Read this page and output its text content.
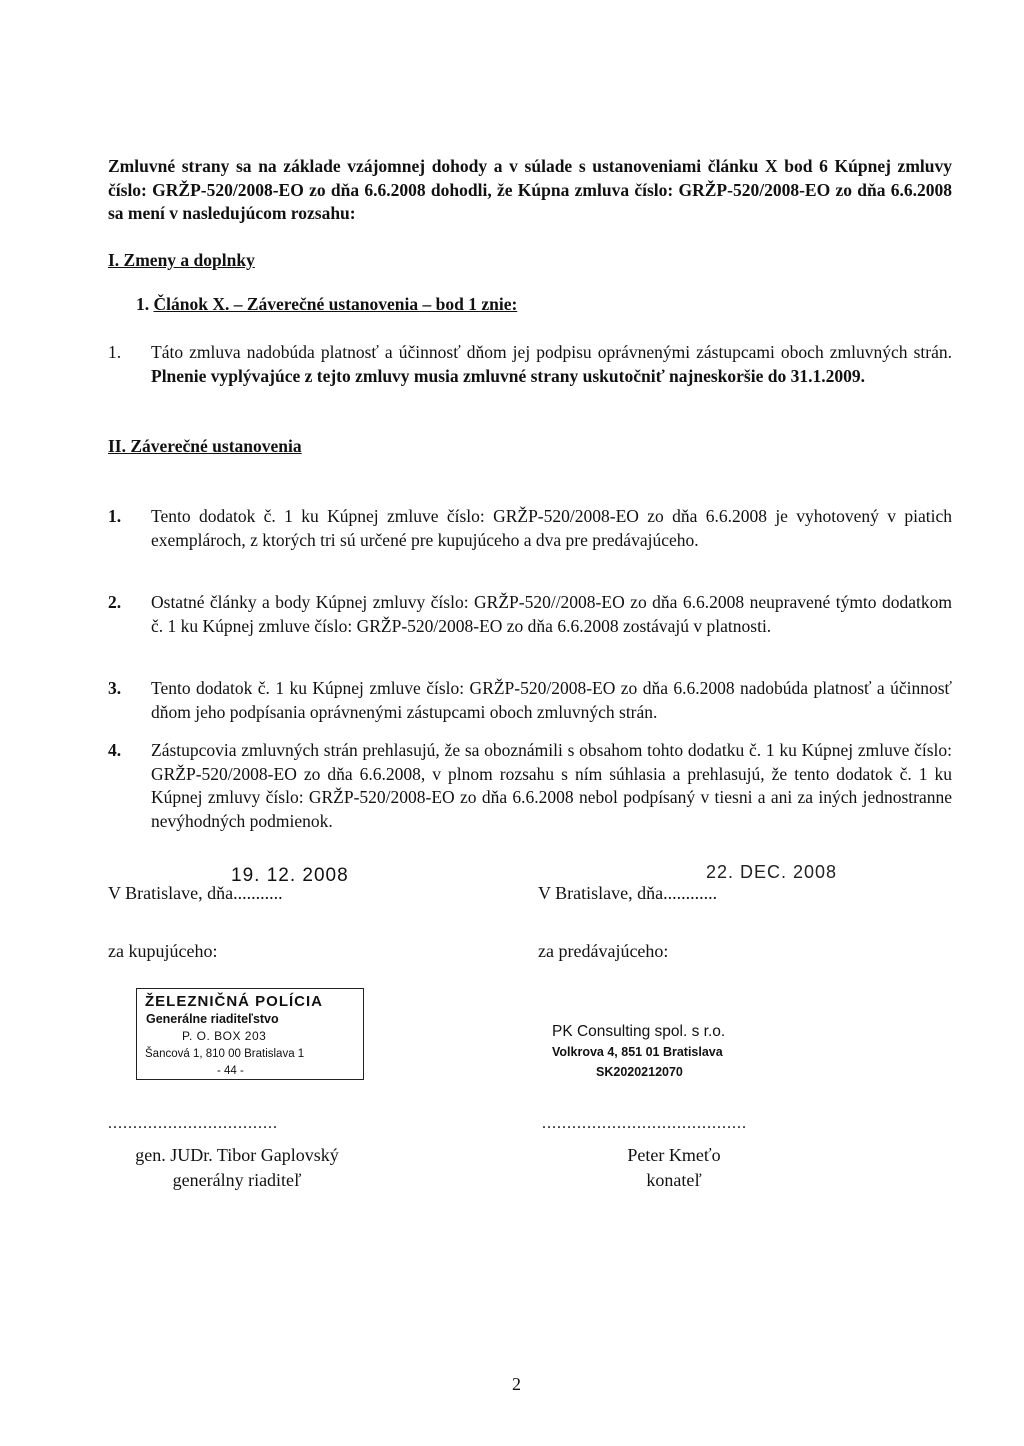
Zmluvné strany sa na základe vzájomnej dohody a v súlade s ustanoveniami článku X bod 6 Kúpnej zmluvy číslo: GRŽP-520/2008-EO zo dňa 6.6.2008 dohodli, že Kúpna zmluva číslo: GRŽP-520/2008-EO zo dňa 6.6.2008 sa mení v nasledujúcom rozsahu:
I. Zmeny a doplnky
1. Článok X. – Záverečné ustanovenia – bod 1 znie:
1. Táto zmluva nadobúda platnosť a účinnosť dňom jej podpisu oprávnenými zástupcami oboch zmluvných strán. Plnenie vyplývajúce z tejto zmluvy musia zmluvné strany uskutočniť najneskoršie do 31.1.2009.
II. Záverečné ustanovenia
1. Tento dodatok č. 1 ku Kúpnej zmluve číslo: GRŽP-520/2008-EO zo dňa 6.6.2008 je vyhotovený v piatich exemplároch, z ktorých tri sú určené pre kupujúceho a dva pre predávajúceho.
2. Ostatné články a body Kúpnej zmluvy číslo: GRŽP-520//2008-EO zo dňa 6.6.2008 neupravené týmto dodatkom č. 1 ku Kúpnej zmluve číslo: GRŽP-520/2008-EO zo dňa 6.6.2008 zostávajú v platnosti.
3. Tento dodatok č. 1 ku Kúpnej zmluve číslo: GRŽP-520/2008-EO zo dňa 6.6.2008 nadobúda platnosť a účinnosť dňom jeho podpísania oprávnenými zástupcami oboch zmluvných strán.
4. Zástupcovia zmluvných strán prehlasujú, že sa oboznámili s obsahom tohto dodatku č. 1 ku Kúpnej zmluve číslo: GRŽP-520/2008-EO zo dňa 6.6.2008, v plnom rozsahu s ním súhlasia a prehlasujú, že tento dodatok č. 1 ku Kúpnej zmluvy číslo: GRŽP-520/2008-EO zo dňa 6.6.2008 nebol podpísaný v tiesni a ani za iných jednostranne nevýhodných podmienok.
V Bratislave, dňa...........
19. 12. 2008
za kupujúceho:
ŽELEZNIČNÁ POLÍCIA
Generálne riaditeľstvo
P. O. BOX 203
Šancová 1, 810 00 Bratislava 1
- 44 -
..................................
gen. JUDr. Tibor Gaplovský
generálny riaditeľ
V Bratislave, dňa............
22. DEC. 2008
za predávajúceho:
PK Consulting spol. s r.o.
Volkrova 4, 851 01 Bratislava
SK2020212070
.........................................
Peter Kmeťo
konateľ
2
